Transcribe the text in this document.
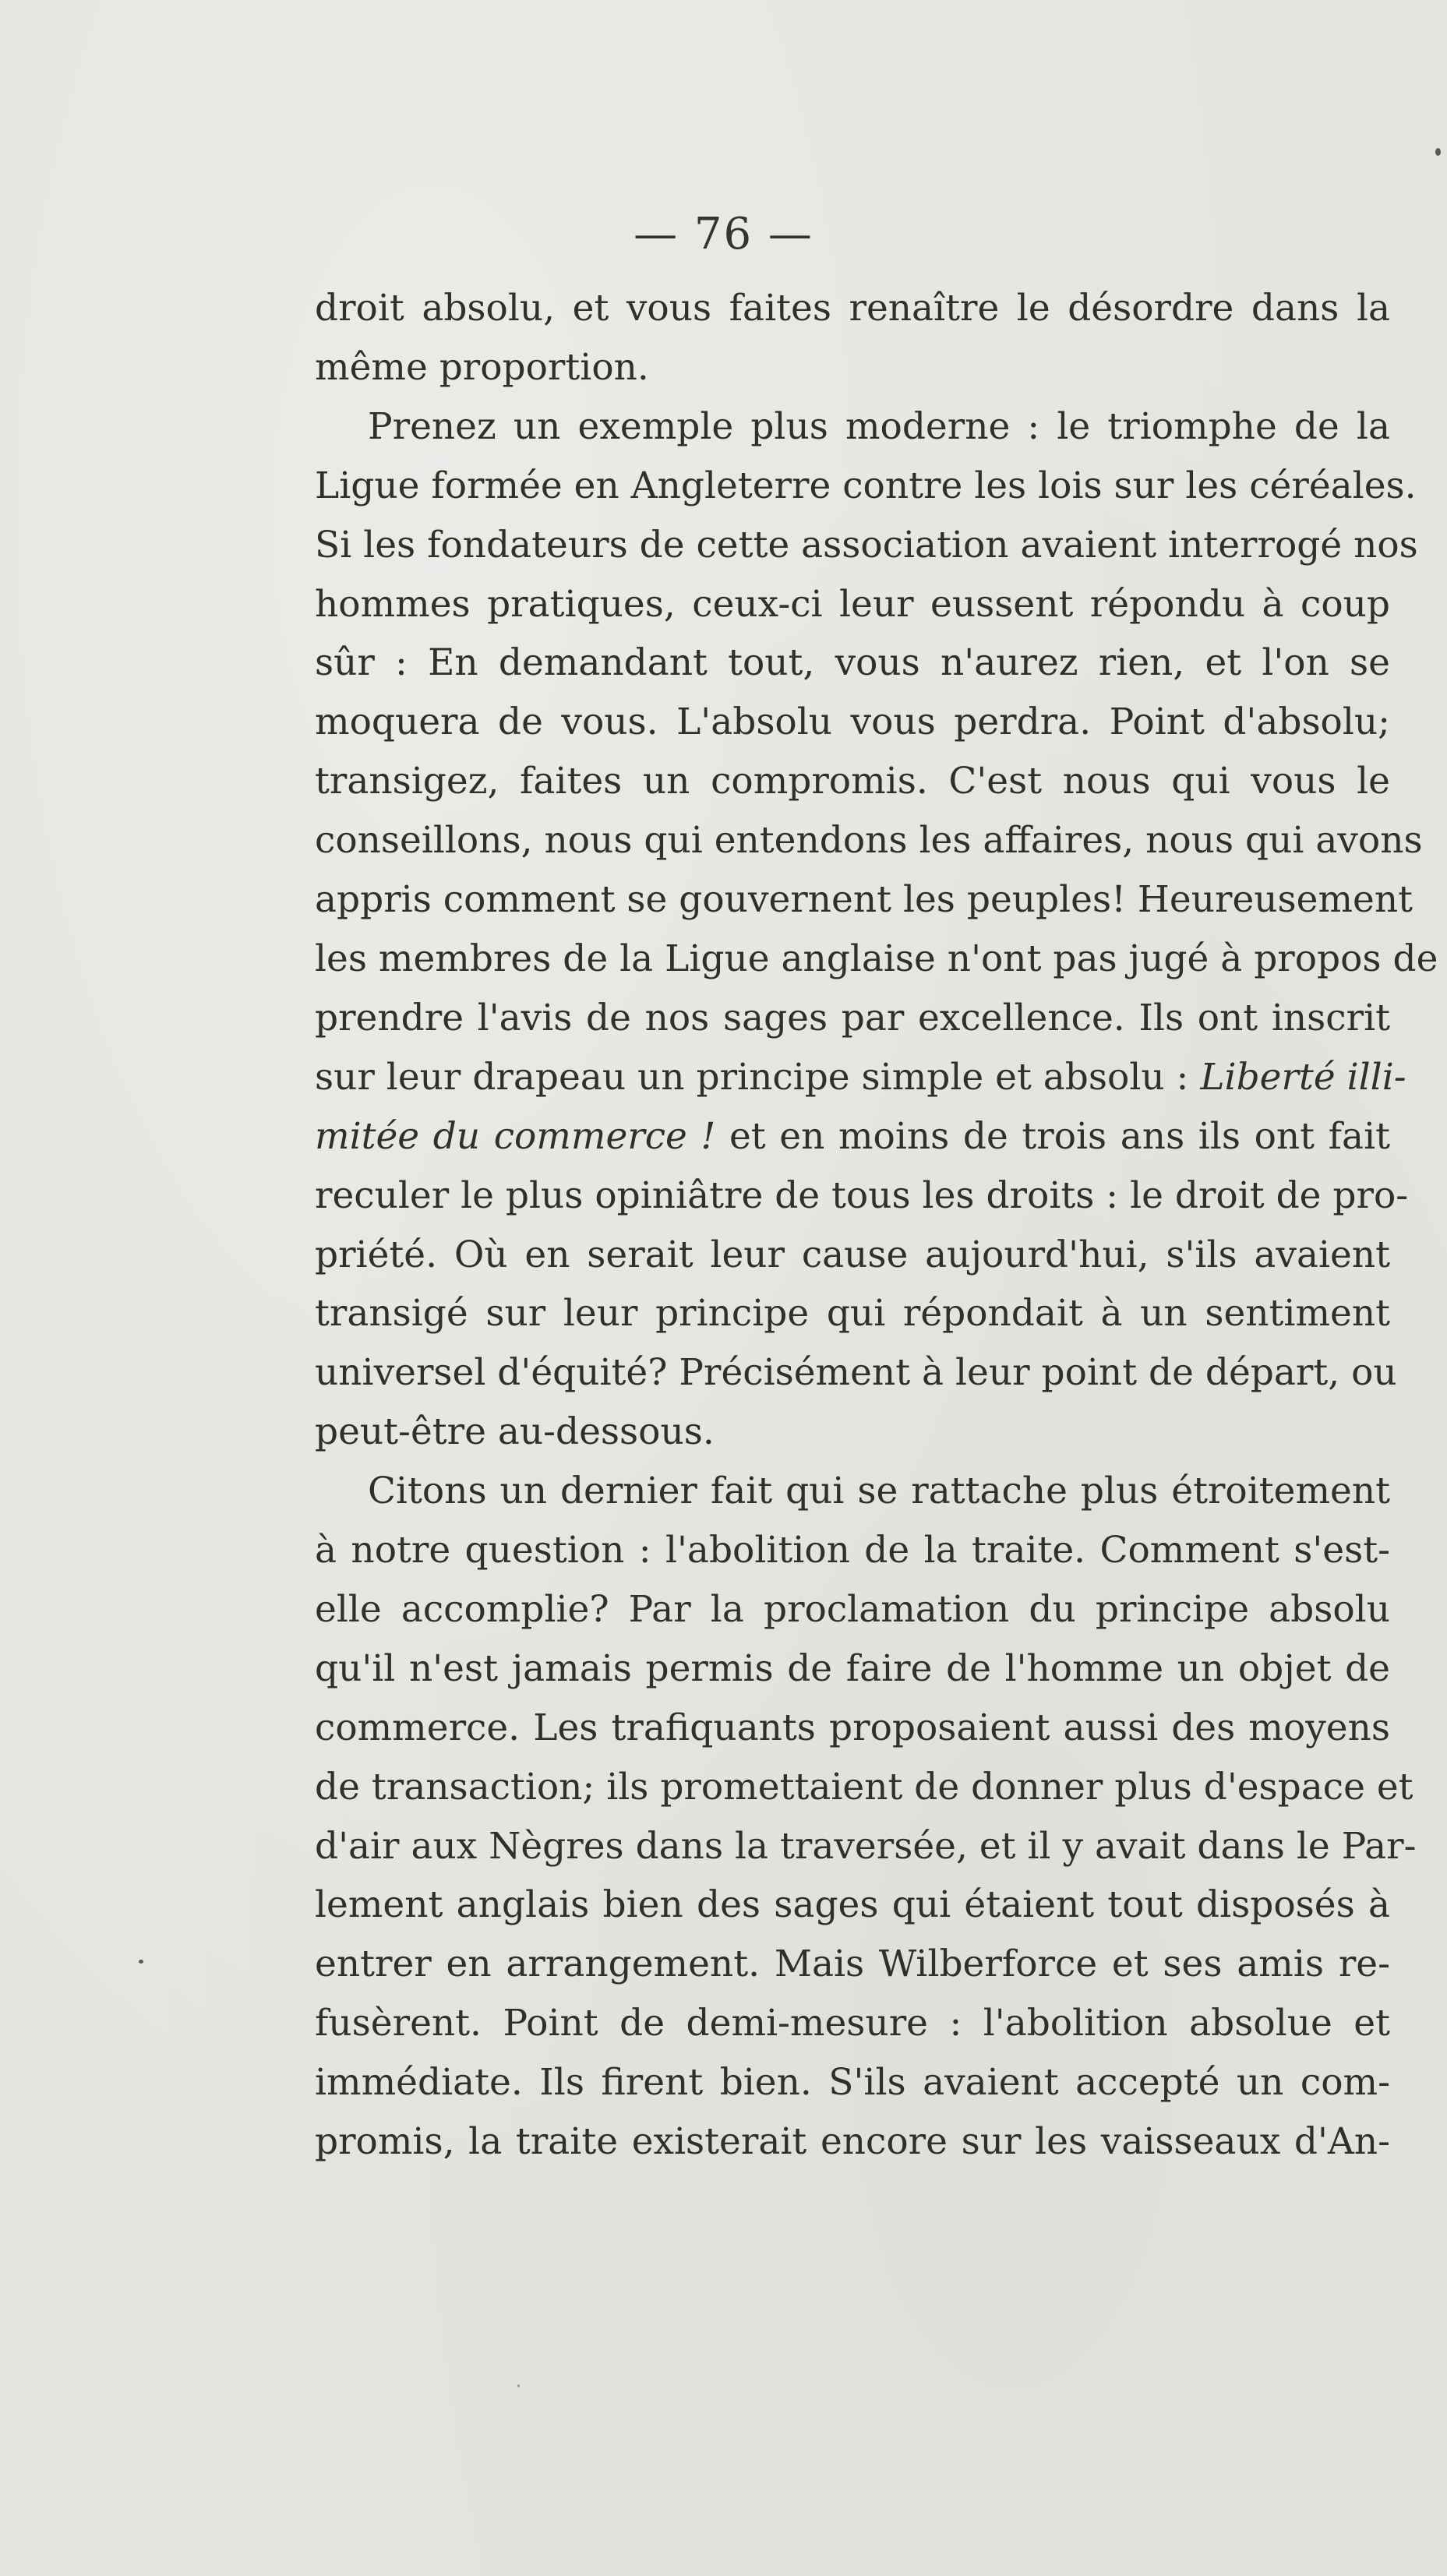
— 76 —
droit absolu, et vous faites renaître le désordre dans la
même proportion.
Prenez un exemple plus moderne : le triomphe de la
Ligue formée en Angleterre contre les lois sur les céréales.
Si les fondateurs de cette association avaient interrogé nos
hommes pratiques, ceux-ci leur eussent répondu à coup
sûr : En demandant tout, vous n'aurez rien, et l'on se
moquera de vous. L'absolu vous perdra. Point d'absolu;
transigez, faites un compromis. C'est nous qui vous le
conseillons, nous qui entendons les affaires, nous qui avons
appris comment se gouvernent les peuples! Heureusement
les membres de la Ligue anglaise n'ont pas jugé à propos de
prendre l'avis de nos sages par excellence. Ils ont inscrit
sur leur drapeau un principe simple et absolu : Liberté illi-
mitée du commerce ! et en moins de trois ans ils ont fait
reculer le plus opiniâtre de tous les droits : le droit de pro-
priété. Où en serait leur cause aujourd'hui, s'ils avaient
transigé sur leur principe qui répondait à un sentiment
universel d'équité? Précisément à leur point de départ, ou
peut-être au-dessous.
Citons un dernier fait qui se rattache plus étroitement
à notre question : l'abolition de la traite. Comment s'est-
elle accomplie? Par la proclamation du principe absolu
qu'il n'est jamais permis de faire de l'homme un objet de
commerce. Les trafiquants proposaient aussi des moyens
de transaction; ils promettaient de donner plus d'espace et
d'air aux Nègres dans la traversée, et il y avait dans le Par-
lement anglais bien des sages qui étaient tout disposés à
entrer en arrangement. Mais Wilberforce et ses amis re-
fusèrent. Point de demi-mesure : l'abolition absolue et
immédiate. Ils firent bien. S'ils avaient accepté un com-
promis, la traite existerait encore sur les vaisseaux d'An-
